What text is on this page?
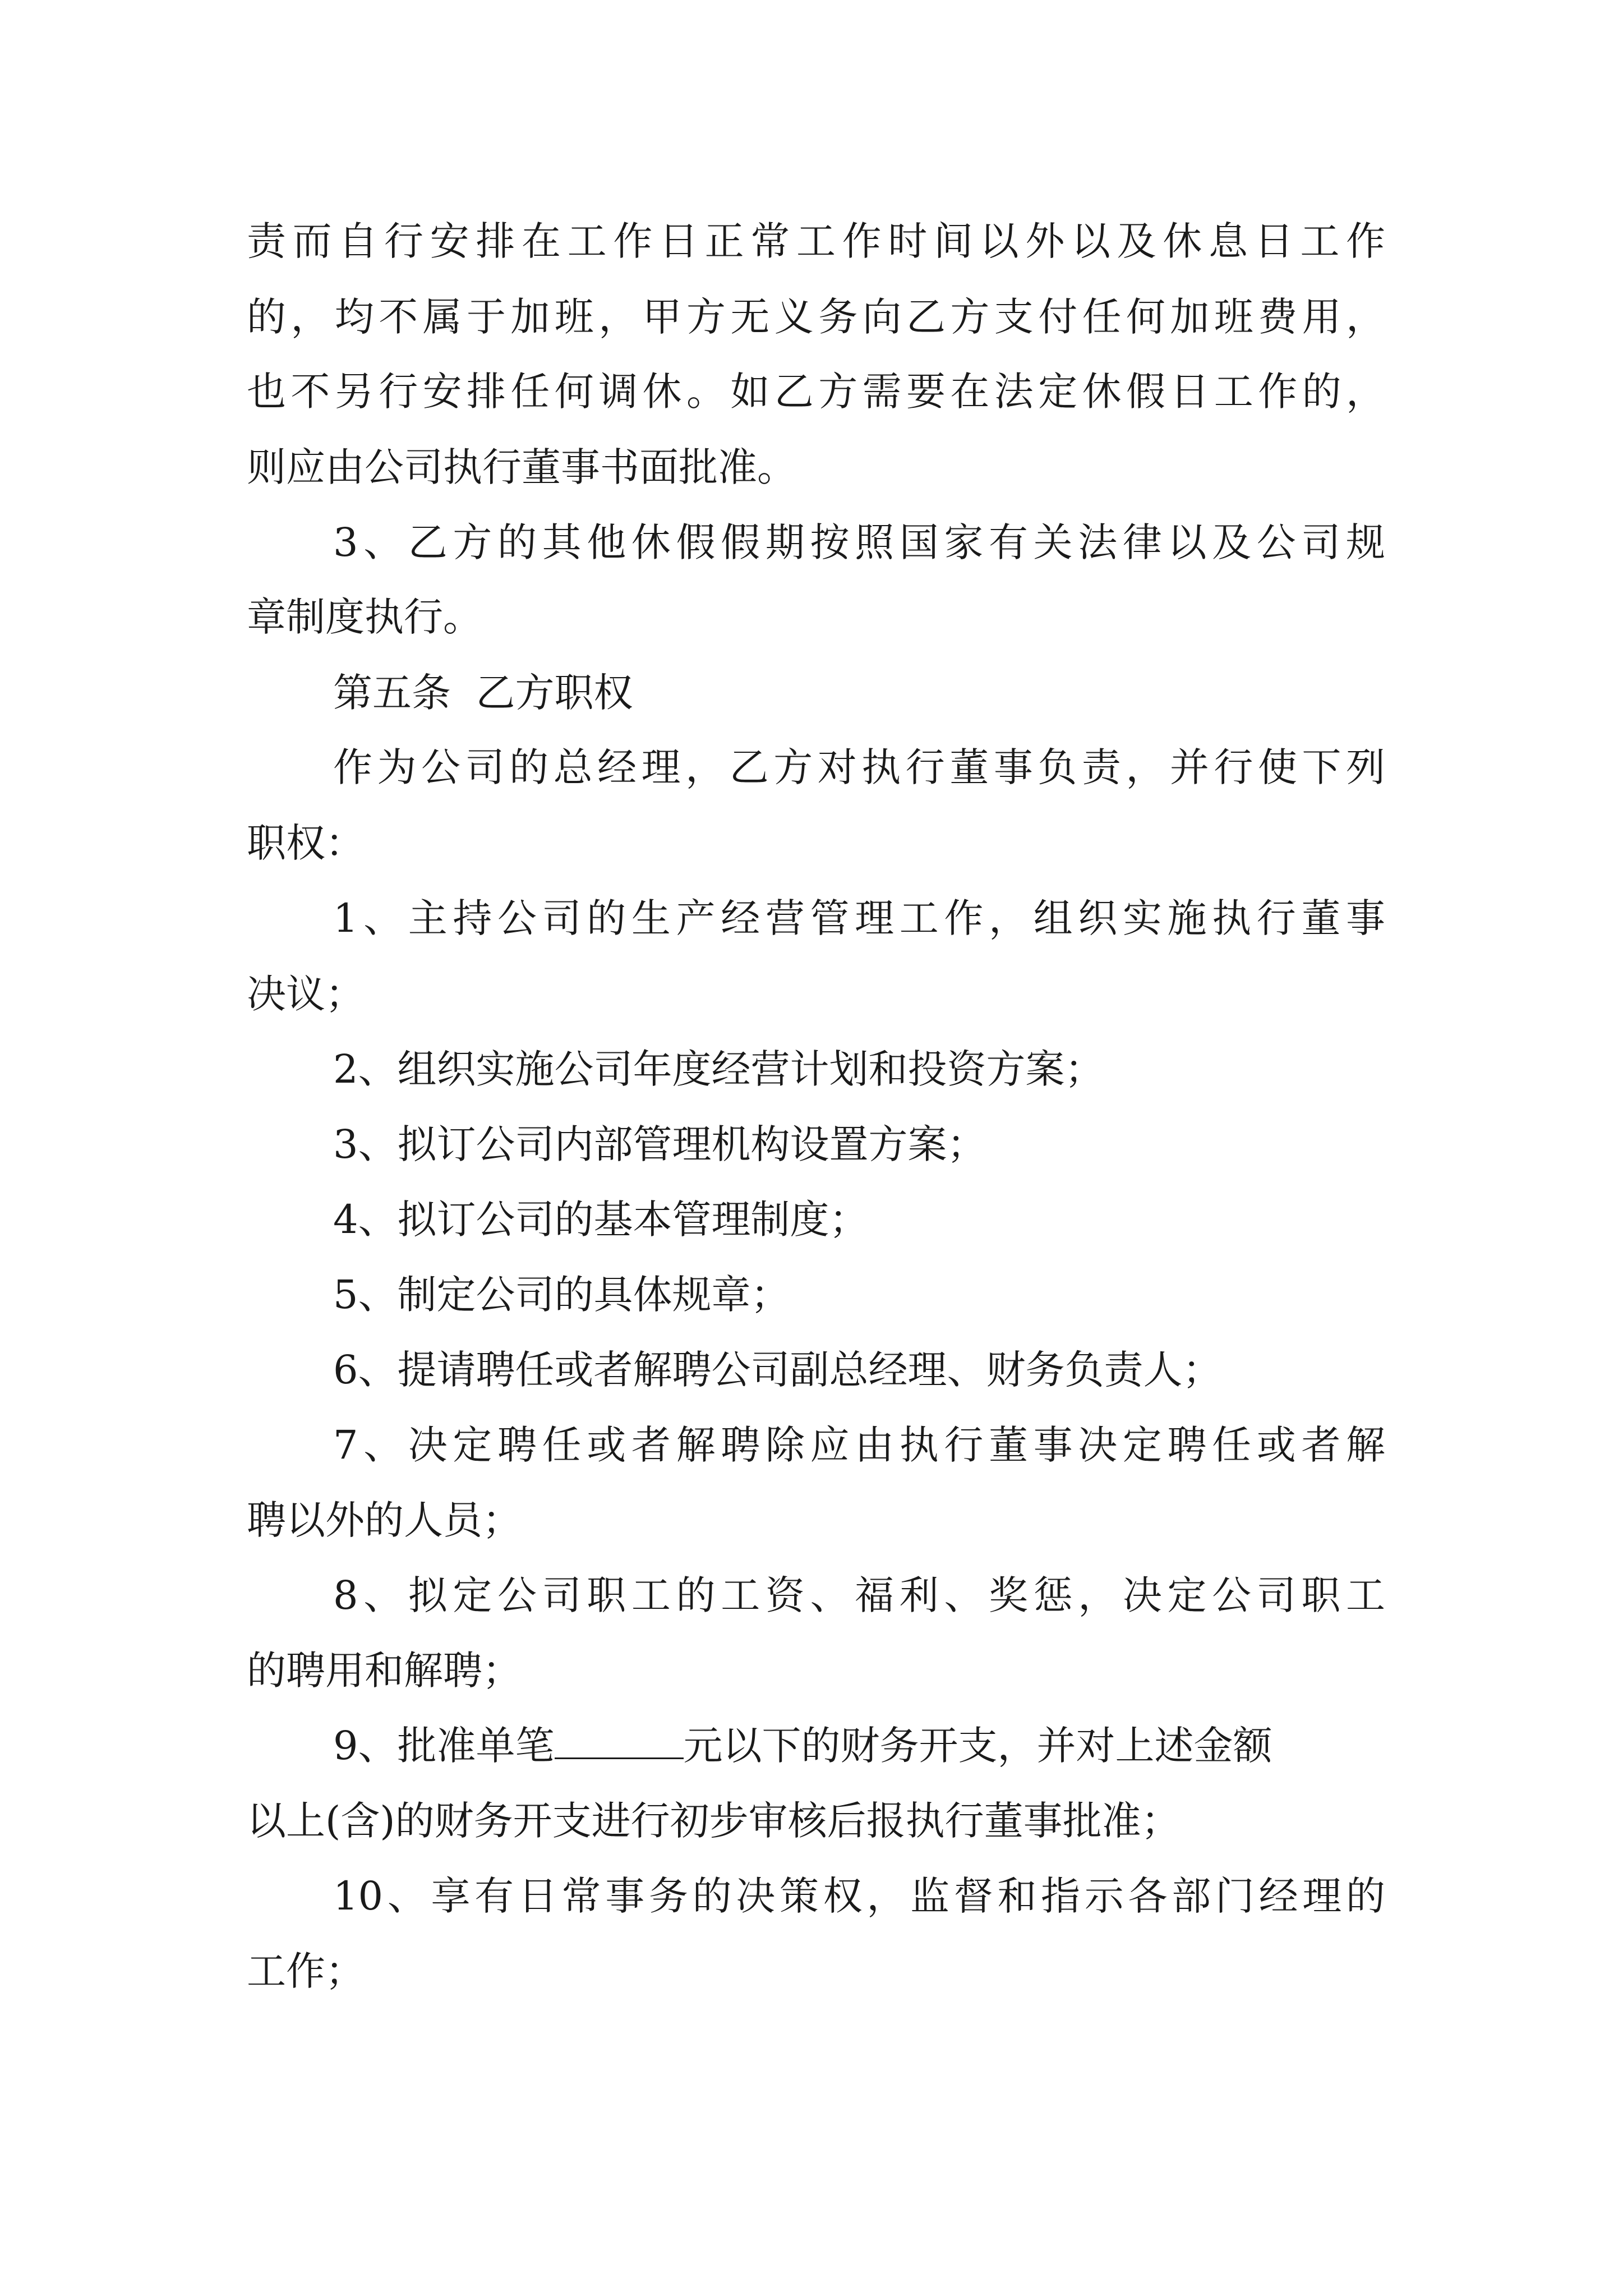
责而自行安排在工作日正常工作时间以外以及休息日工作

的，均不属于加班，甲方无义务向乙方支付任何加班费用，

也不另行安排任何调休。如乙方需要在法定休假日工作的，

则应由公司执行董事书面批准。

3、乙方的其他休假假期按照国家有关法律以及公司规

章制度执行。

第五条  乙方职权

作为公司的总经理，乙方对执行董事负责，并行使下列

职权：

1、主持公司的生产经营管理工作，组织实施执行董事

决议；

2、组织实施公司年度经营计划和投资方案；

3、拟订公司内部管理机构设置方案；

4、拟订公司的基本管理制度；

5、制定公司的具体规章；

6、提请聘任或者解聘公司副总经理、财务负责人；

7、决定聘任或者解聘除应由执行董事决定聘任或者解

聘以外的人员；

8、拟定公司职工的工资、福利、奖惩，决定公司职工

的聘用和解聘；

9、批准单笔	元以下的财务开支，并对上述金额

以上(含)的财务开支进行初步审核后报执行董事批准；

10、享有日常事务的决策权，监督和指示各部门经理的

工作；
